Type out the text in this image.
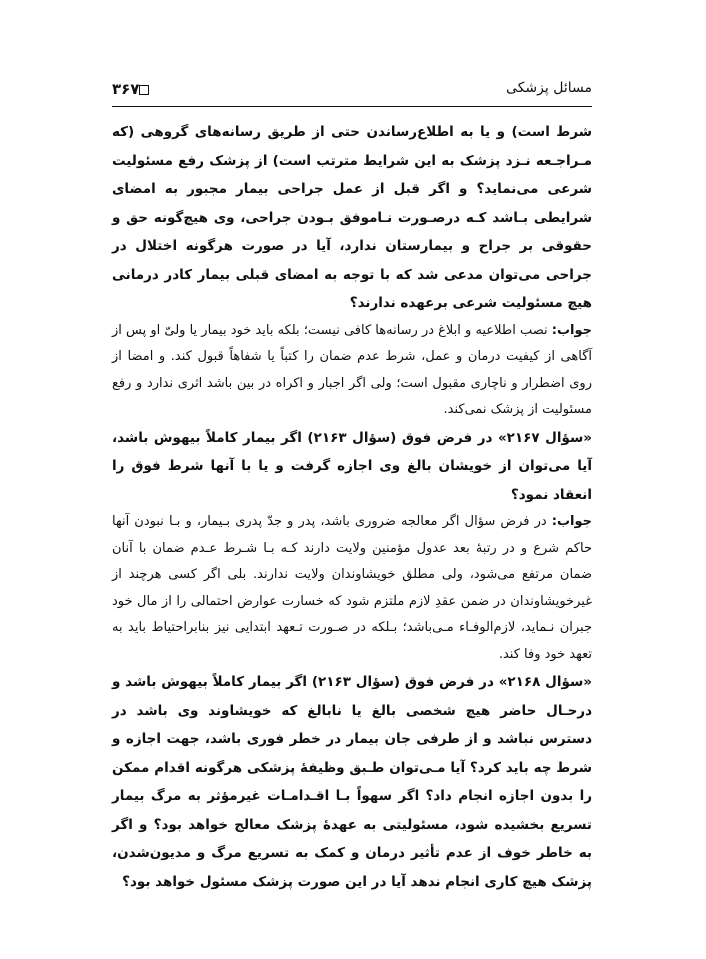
مسائل پزشکی
۳۶۷

شرط است) و یا به اطلاع‌رساندن حتی از طریق رسانه‌های گروهی (که مـراجـعه نـزد پزشک به این شرایط مترتب است) از پزشک رفع مسئولیت شرعی می‌نماید؟ و اگر قبل از عمل جراحی بیمار مجبور به امضای شرایطی بـاشد کـه درصـورت نـاموفق بـودن جراحی، وی هیچ‌گونه حق و حقوقی بر جراح و بیمارستان ندارد، آیا در صورت هرگونه اختلال در جراحی می‌توان مدعی شد که با توجه به امضای قبلی بیمار کادر درمانی هیچ مسئولیت شرعی برعهده ندارند؟

جواب: نصب اطلاعیه و ابلاغ در رسانه‌ها کافی نیست؛ بلکه باید خود بیمار یا ولیّ او پس از آگاهی از کیفیت درمان و عمل، شرط عدم ضمان را کتباً یا شفاهاً قبول کند. و امضا از روی اضطرار و ناچاری مقبول است؛ ولی اگر اجبار و اکراه در بین باشد اثری ندارد و رفع مسئولیت از پزشک نمی‌کند.

«سؤال ۲۱۶۷» در فرض فوق (سؤال ۲۱۶۳) اگر بیمار کاملاً بیهوش باشد، آیا می‌توان از خویشان بالغ وی اجازه گرفت و یا با آنها شرط فوق را انعقاد نمود؟

جواب: در فرض سؤال اگر معالجه ضروری باشد، پدر و جدّ پدری بـیمار، و بـا نبودن آنها حاکم شرع و در رتبهٔ بعد عدول مؤمنین ولایت دارند کـه بـا شـرط عـدم ضمان با آنان ضمان مرتفع می‌شود، ولی مطلق خویشاوندان ولایت ندارند. بلی اگر کسی هرچند از غیرخویشاوندان در ضمن عقدِ لازم ملتزم شود که خسارت عوارض احتمالی را از مال خود جبران نـماید، لازم‌الوفـاء مـی‌باشد؛ بـلکه در صـورت تـعهد ابتدایی نیز بنابراحتیاط باید به تعهد خود وفا کند.

«سؤال ۲۱۶۸» در فرض فوق (سؤال ۲۱۶۳) اگر بیمار کاملاً بیهوش باشد و درحـال حاضر هیچ شخصی بالغ یا نابالغ که خویشاوند وی باشد در دسترس نباشد و از طرفی جان بیمار در خطر فوری باشد، جهت اجازه و شرط چه باید کرد؟ آیا مـی‌توان طـبق وظیفهٔ پزشکی هرگونه اقدام ممکن را بدون اجازه انجام داد؟ اگر سهواً بـا اقـدامـات غیرمؤثر به مرگ بیمار تسریع بخشیده شود، مسئولیتی به عهدهٔ پزشک معالج خواهد بود؟ و اگر به خاطر خوف از عدم تأثیر درمان و کمک به تسریع مرگ و مدیون‌شدن، پزشک هیچ کاری انجام ندهد آیا در این صورت پزشک مسئول خواهد بود؟
